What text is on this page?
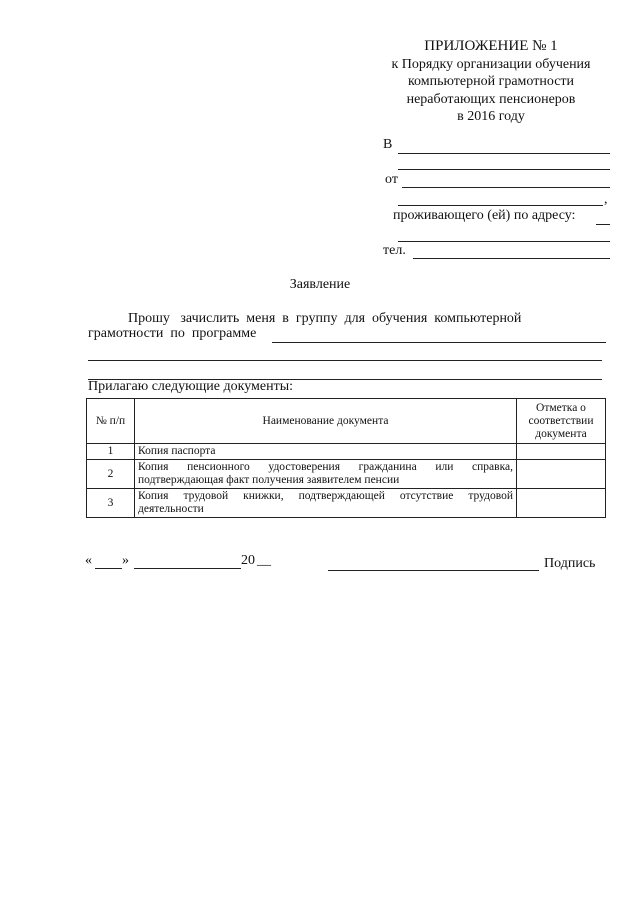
ПРИЛОЖЕНИЕ № 1
к Порядку организации обучения
компьютерной грамотности
неработающих пенсионеров
в 2016 году
В
от
,
проживающего (ей) по адресу:
тел.
Заявление
Прошу   зачислить  меня  в  группу  для  обучения  компьютерной
грамотности  по  программе
Прилагаю следующие документы:
№ п/п	Наименование документа	Отметка о соответствии документа
1	Копия паспорта	
2	Копия пенсионного удостоверения гражданина или справка, подтверждающая факт получения заявителем пенсии	
3	Копия трудовой книжки, подтверждающей отсутствие трудовой деятельности	
« »	20 __	Подпись
